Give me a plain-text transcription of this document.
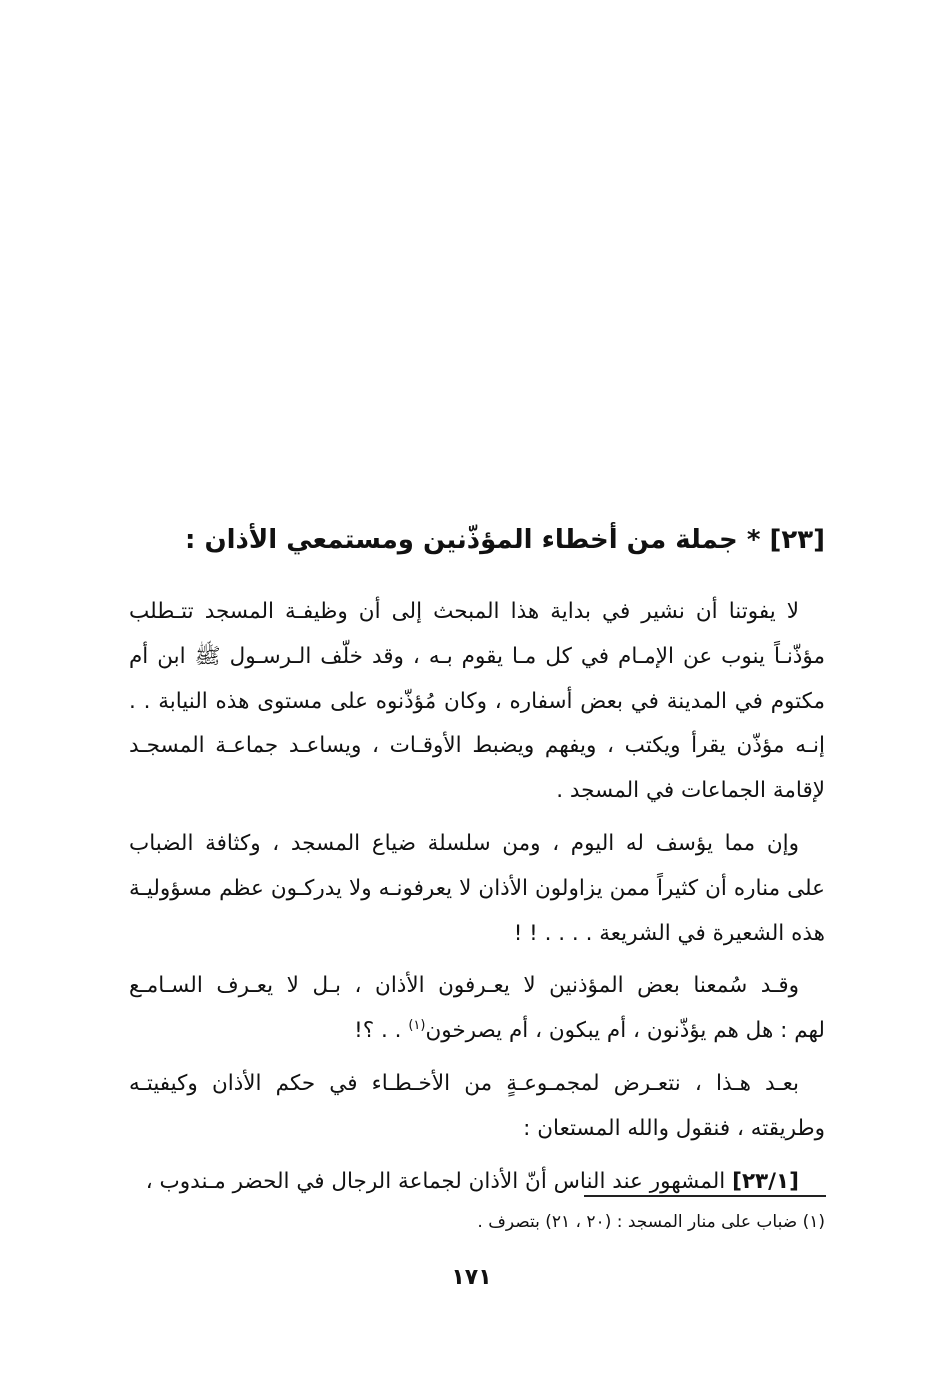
[٢٣] * جملة من أخطاء المؤذّنين ومستمعي الأذان :

لا يفوتنا أن نشير في بداية هذا المبحث إلى أن وظيفـة المسجد تتـطلب
مؤذّنـاً ينوب عن الإمـام في كل مـا يقوم بـه ، وقد خلّف الـرسـول ﷺ ابن أم
مكتوم في المدينة في بعض أسفاره ، وكان مُؤذّنوه على مستوى هذه النيابة . .
إنـه مؤذّن يقرأ ويكتب ، ويفهم ويضبط الأوقـات ، ويساعـد جماعـة المسجـد
لإقامة الجماعات في المسجد .

وإن مما يؤسف له اليوم ، ومن سلسلة ضياع المسجد ، وكثافة الضباب
على مناره أن كثيراً ممن يزاولون الأذان لا يعرفونـه ولا يدركـون عظم مسؤوليـة
هذه الشعيرة في الشريعة . . . . ! !

وقـد سُمعنا بعض المؤذنين لا يعـرفون الأذان ، بـل لا يعـرف السـامـع
لهم : هل هم يؤذّنون ، أم يبكون ، أم يصرخون$^{(١)}$ . . ؟!

بعـد هـذا ، نتعـرض لمجمـوعـةٍ من الأخـطـاء في حكم الأذان وكيفيتـه
وطريقته ، فنقول والله المستعان :

[٢٣/١] المشهور عند الناس أنّ الأذان لجماعة الرجال في الحضر مـندوب ،

(١) ضباب على منار المسجد : (٢٠ ، ٢١) بتصرف .
١٧١
